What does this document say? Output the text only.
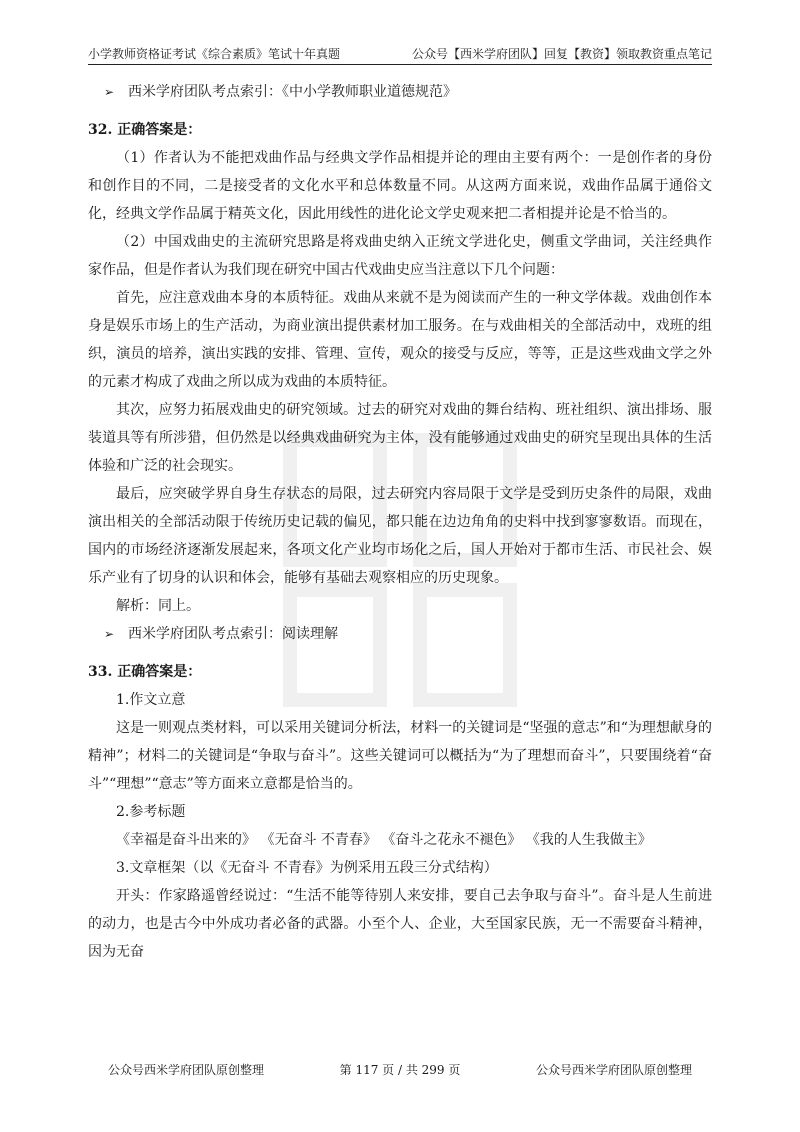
小学教师资格证考试《综合素质》笔试十年真题	公众号【西米学府团队】回复【教资】领取教资重点笔记
➢ 西米学府团队考点索引：《中小学教师职业道德规范》
32. 正确答案是：

（1）作者认为不能把戏曲作品与经典文学作品相提并论的理由主要有两个：一是创作者的身份和创作目的不同，二是接受者的文化水平和总体数量不同。从这两方面来说，戏曲作品属于通俗文化，经典文学作品属于精英文化，因此用线性的进化论文学史观来把二者相提并论是不恰当的。

（2）中国戏曲史的主流研究思路是将戏曲史纳入正统文学进化史，侧重文学曲词，关注经典作家作品，但是作者认为我们现在研究中国古代戏曲史应当注意以下几个问题：

首先，应注意戏曲本身的本质特征。戏曲从来就不是为阅读而产生的一种文学体裁。戏曲创作本身是娱乐市场上的生产活动，为商业演出提供素材加工服务。在与戏曲相关的全部活动中，戏班的组织，演员的培养，演出实践的安排、管理、宣传，观众的接受与反应，等等，正是这些戏曲文学之外的元素才构成了戏曲之所以成为戏曲的本质特征。

其次，应努力拓展戏曲史的研究领域。过去的研究对戏曲的舞台结构、班社组织、演出排场、服装道具等有所涉猎，但仍然是以经典戏曲研究为主体，没有能够通过戏曲史的研究呈现出具体的生活体验和广泛的社会现实。

最后，应突破学界自身生存状态的局限，过去研究内容局限于文学是受到历史条件的局限，戏曲演出相关的全部活动限于传统历史记载的偏见，都只能在边边角角的史料中找到寥寥数语。而现在，国内的市场经济逐渐发展起来，各项文化产业均市场化之后，国人开始对于都市生活、市民社会、娱乐产业有了切身的认识和体会，能够有基础去观察相应的历史现象。

解析：同上。

➢ 西米学府团队考点索引：阅读理解
33. 正确答案是：

1.作文立意

这是一则观点类材料，可以采用关键词分析法，材料一的关键词是“坚强的意志”和“为理想献身的精神”；材料二的关键词是“争取与奋斗”。这些关键词可以概括为“为了理想而奋斗”，只要围绕着“奋斗”“理想”“意志”等方面来立意都是恰当的。

2.参考标题

《幸福是奋斗出来的》 《无奋斗 不青春》 《奋斗之花永不褪色》 《我的人生我做主》

3.文章框架（以《无奋斗 不青春》为例采用五段三分式结构）

开头：作家路遥曾经说过：“生活不能等待别人来安排，要自己去争取与奋斗”。奋斗是人生前进的动力，也是古今中外成功者必备的武器。小至个人、企业，大至国家民族，无一不需要奋斗精神，因为无奋

公众号西米学府团队原创整理	第 117 页 / 共 299 页	公众号西米学府团队原创整理
